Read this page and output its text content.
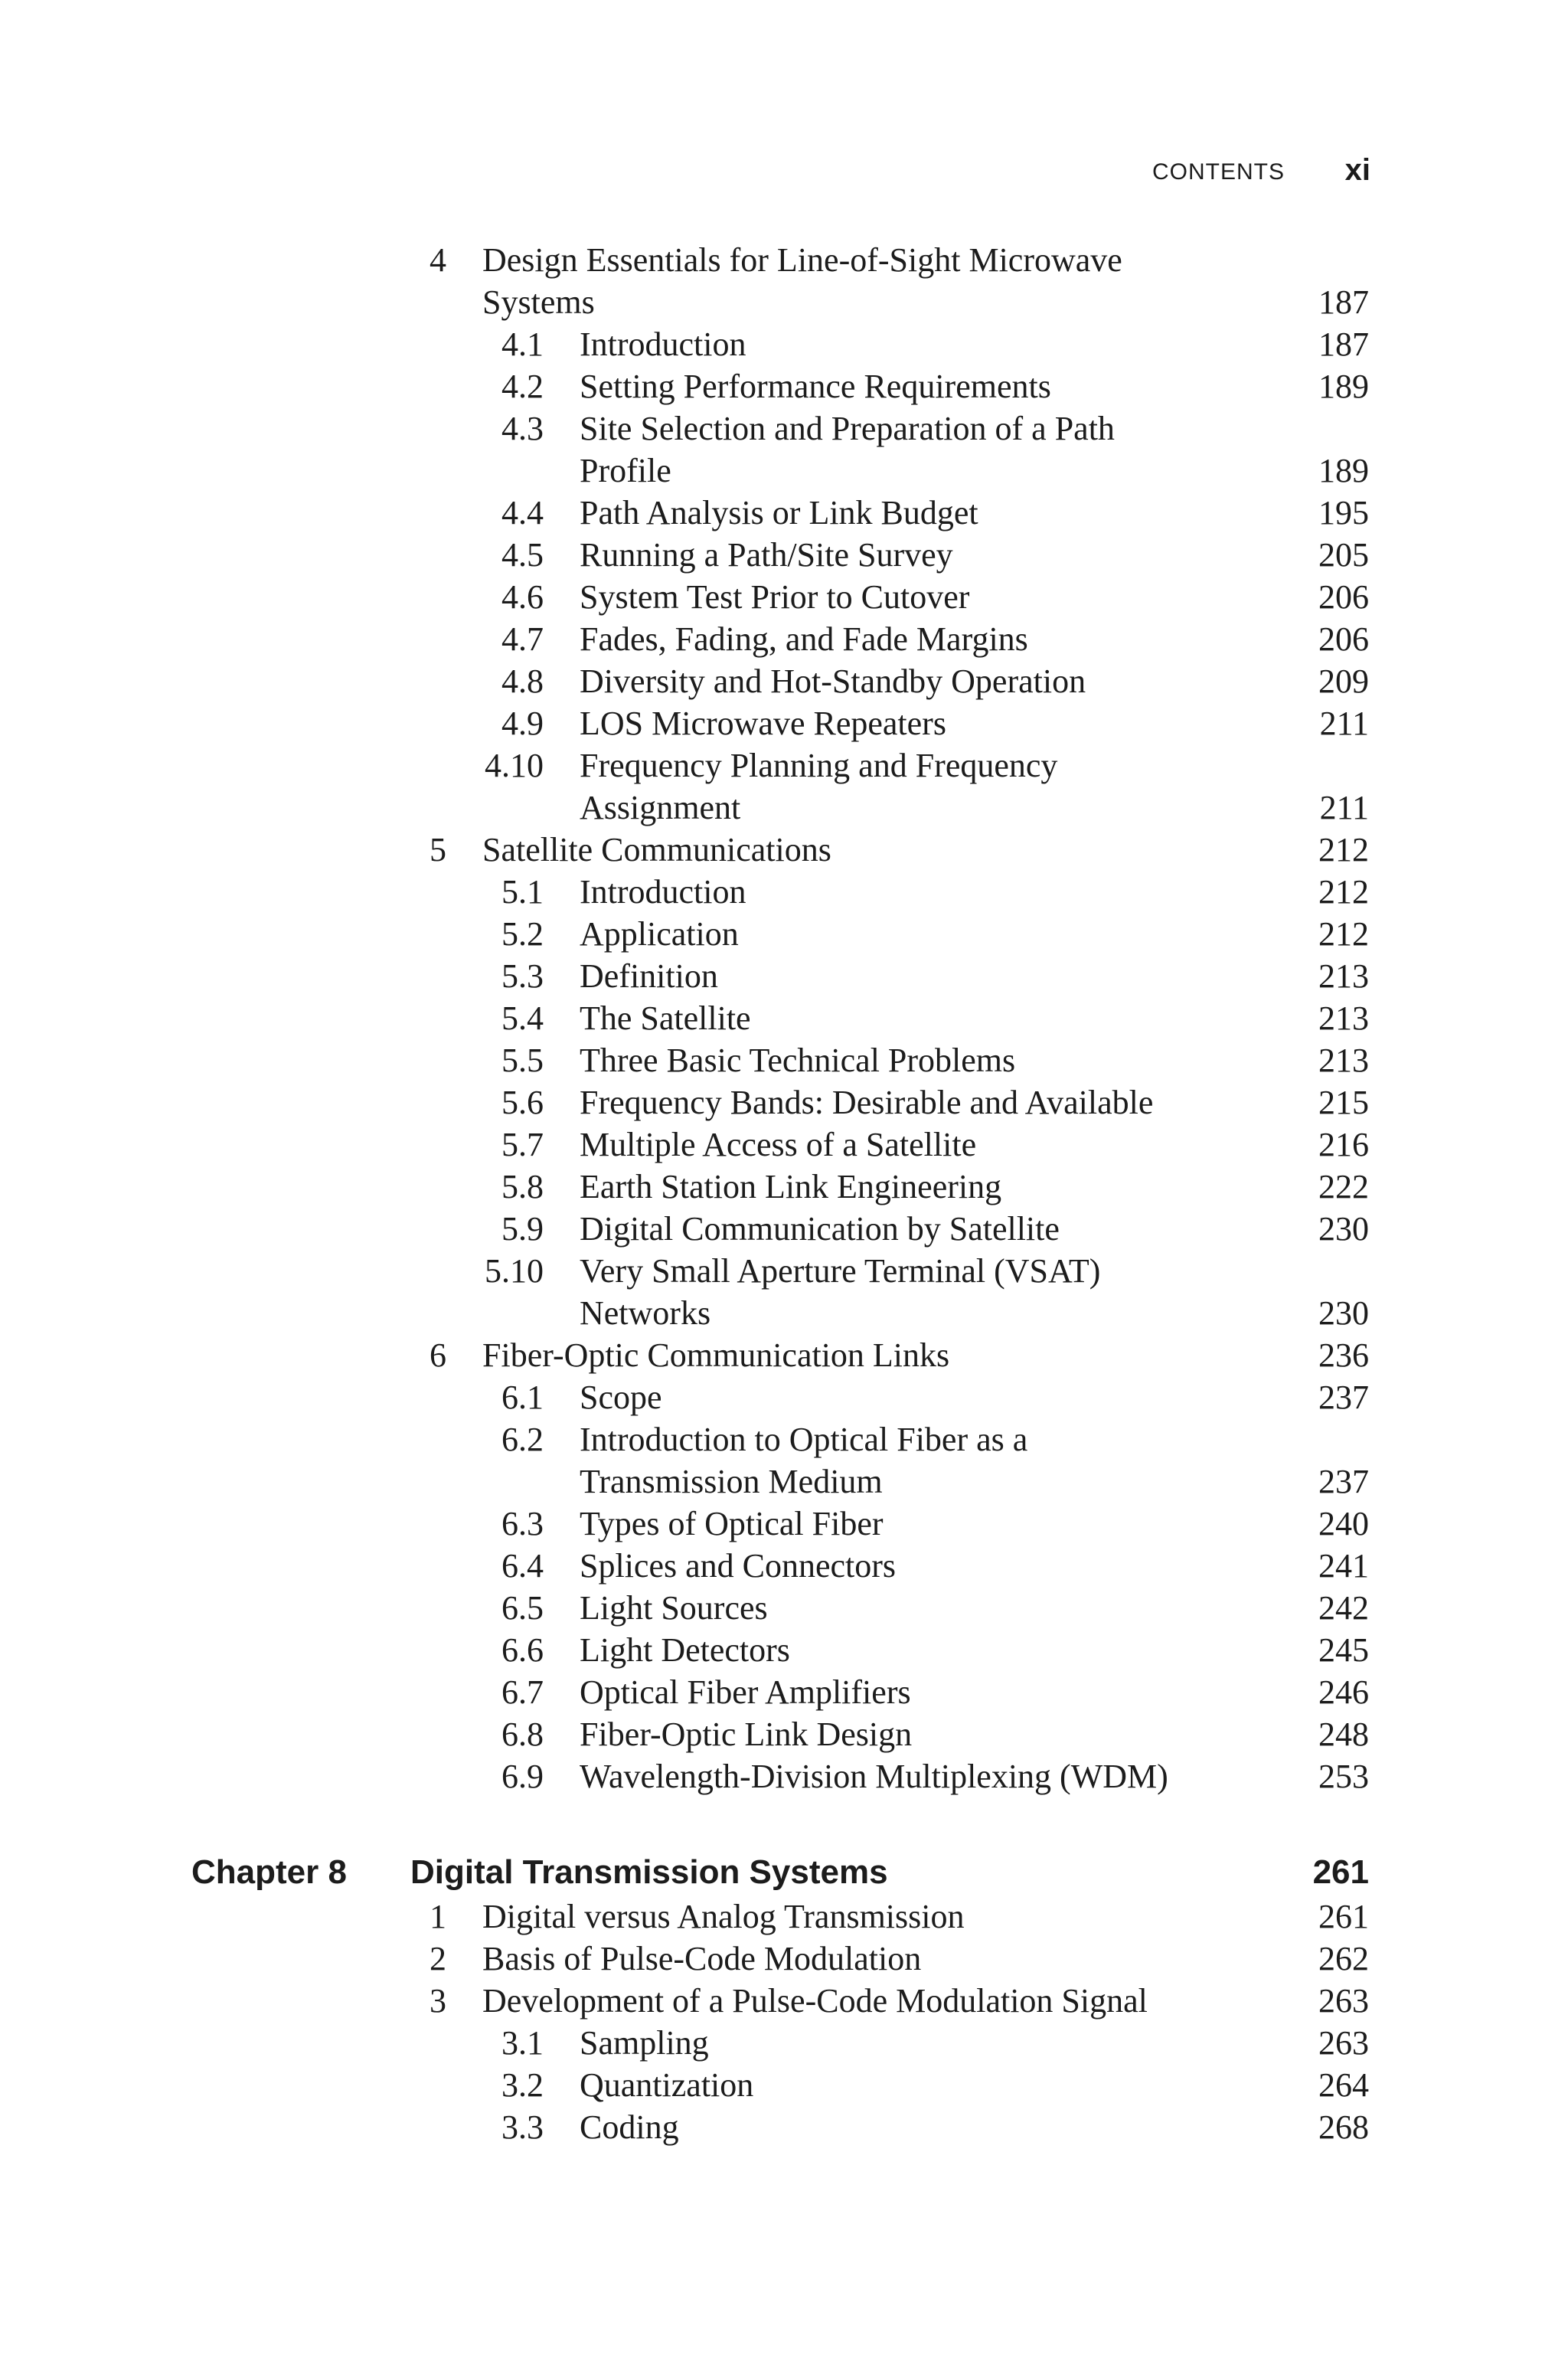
CONTENTS xi
4 Design Essentials for Line-of-Sight Microwave
Systems	187
4.1 Introduction	187
4.2 Setting Performance Requirements	189
4.3 Site Selection and Preparation of a Path
Profile	189
4.4 Path Analysis or Link Budget	195
4.5 Running a Path/Site Survey	205
4.6 System Test Prior to Cutover	206
4.7 Fades, Fading, and Fade Margins	206
4.8 Diversity and Hot-Standby Operation	209
4.9 LOS Microwave Repeaters	211
4.10 Frequency Planning and Frequency
Assignment	211
5 Satellite Communications	212
5.1 Introduction	212
5.2 Application	212
5.3 Definition	213
5.4 The Satellite	213
5.5 Three Basic Technical Problems	213
5.6 Frequency Bands: Desirable and Available	215
5.7 Multiple Access of a Satellite	216
5.8 Earth Station Link Engineering	222
5.9 Digital Communication by Satellite	230
5.10 Very Small Aperture Terminal (VSAT)
Networks	230
6 Fiber-Optic Communication Links	236
6.1 Scope	237
6.2 Introduction to Optical Fiber as a
Transmission Medium	237
6.3 Types of Optical Fiber	240
6.4 Splices and Connectors	241
6.5 Light Sources	242
6.6 Light Detectors	245
6.7 Optical Fiber Amplifiers	246
6.8 Fiber-Optic Link Design	248
6.9 Wavelength-Division Multiplexing (WDM)	253
Chapter 8 Digital Transmission Systems	261
1 Digital versus Analog Transmission	261
2 Basis of Pulse-Code Modulation	262
3 Development of a Pulse-Code Modulation Signal	263
3.1 Sampling	263
3.2 Quantization	264
3.3 Coding	268
